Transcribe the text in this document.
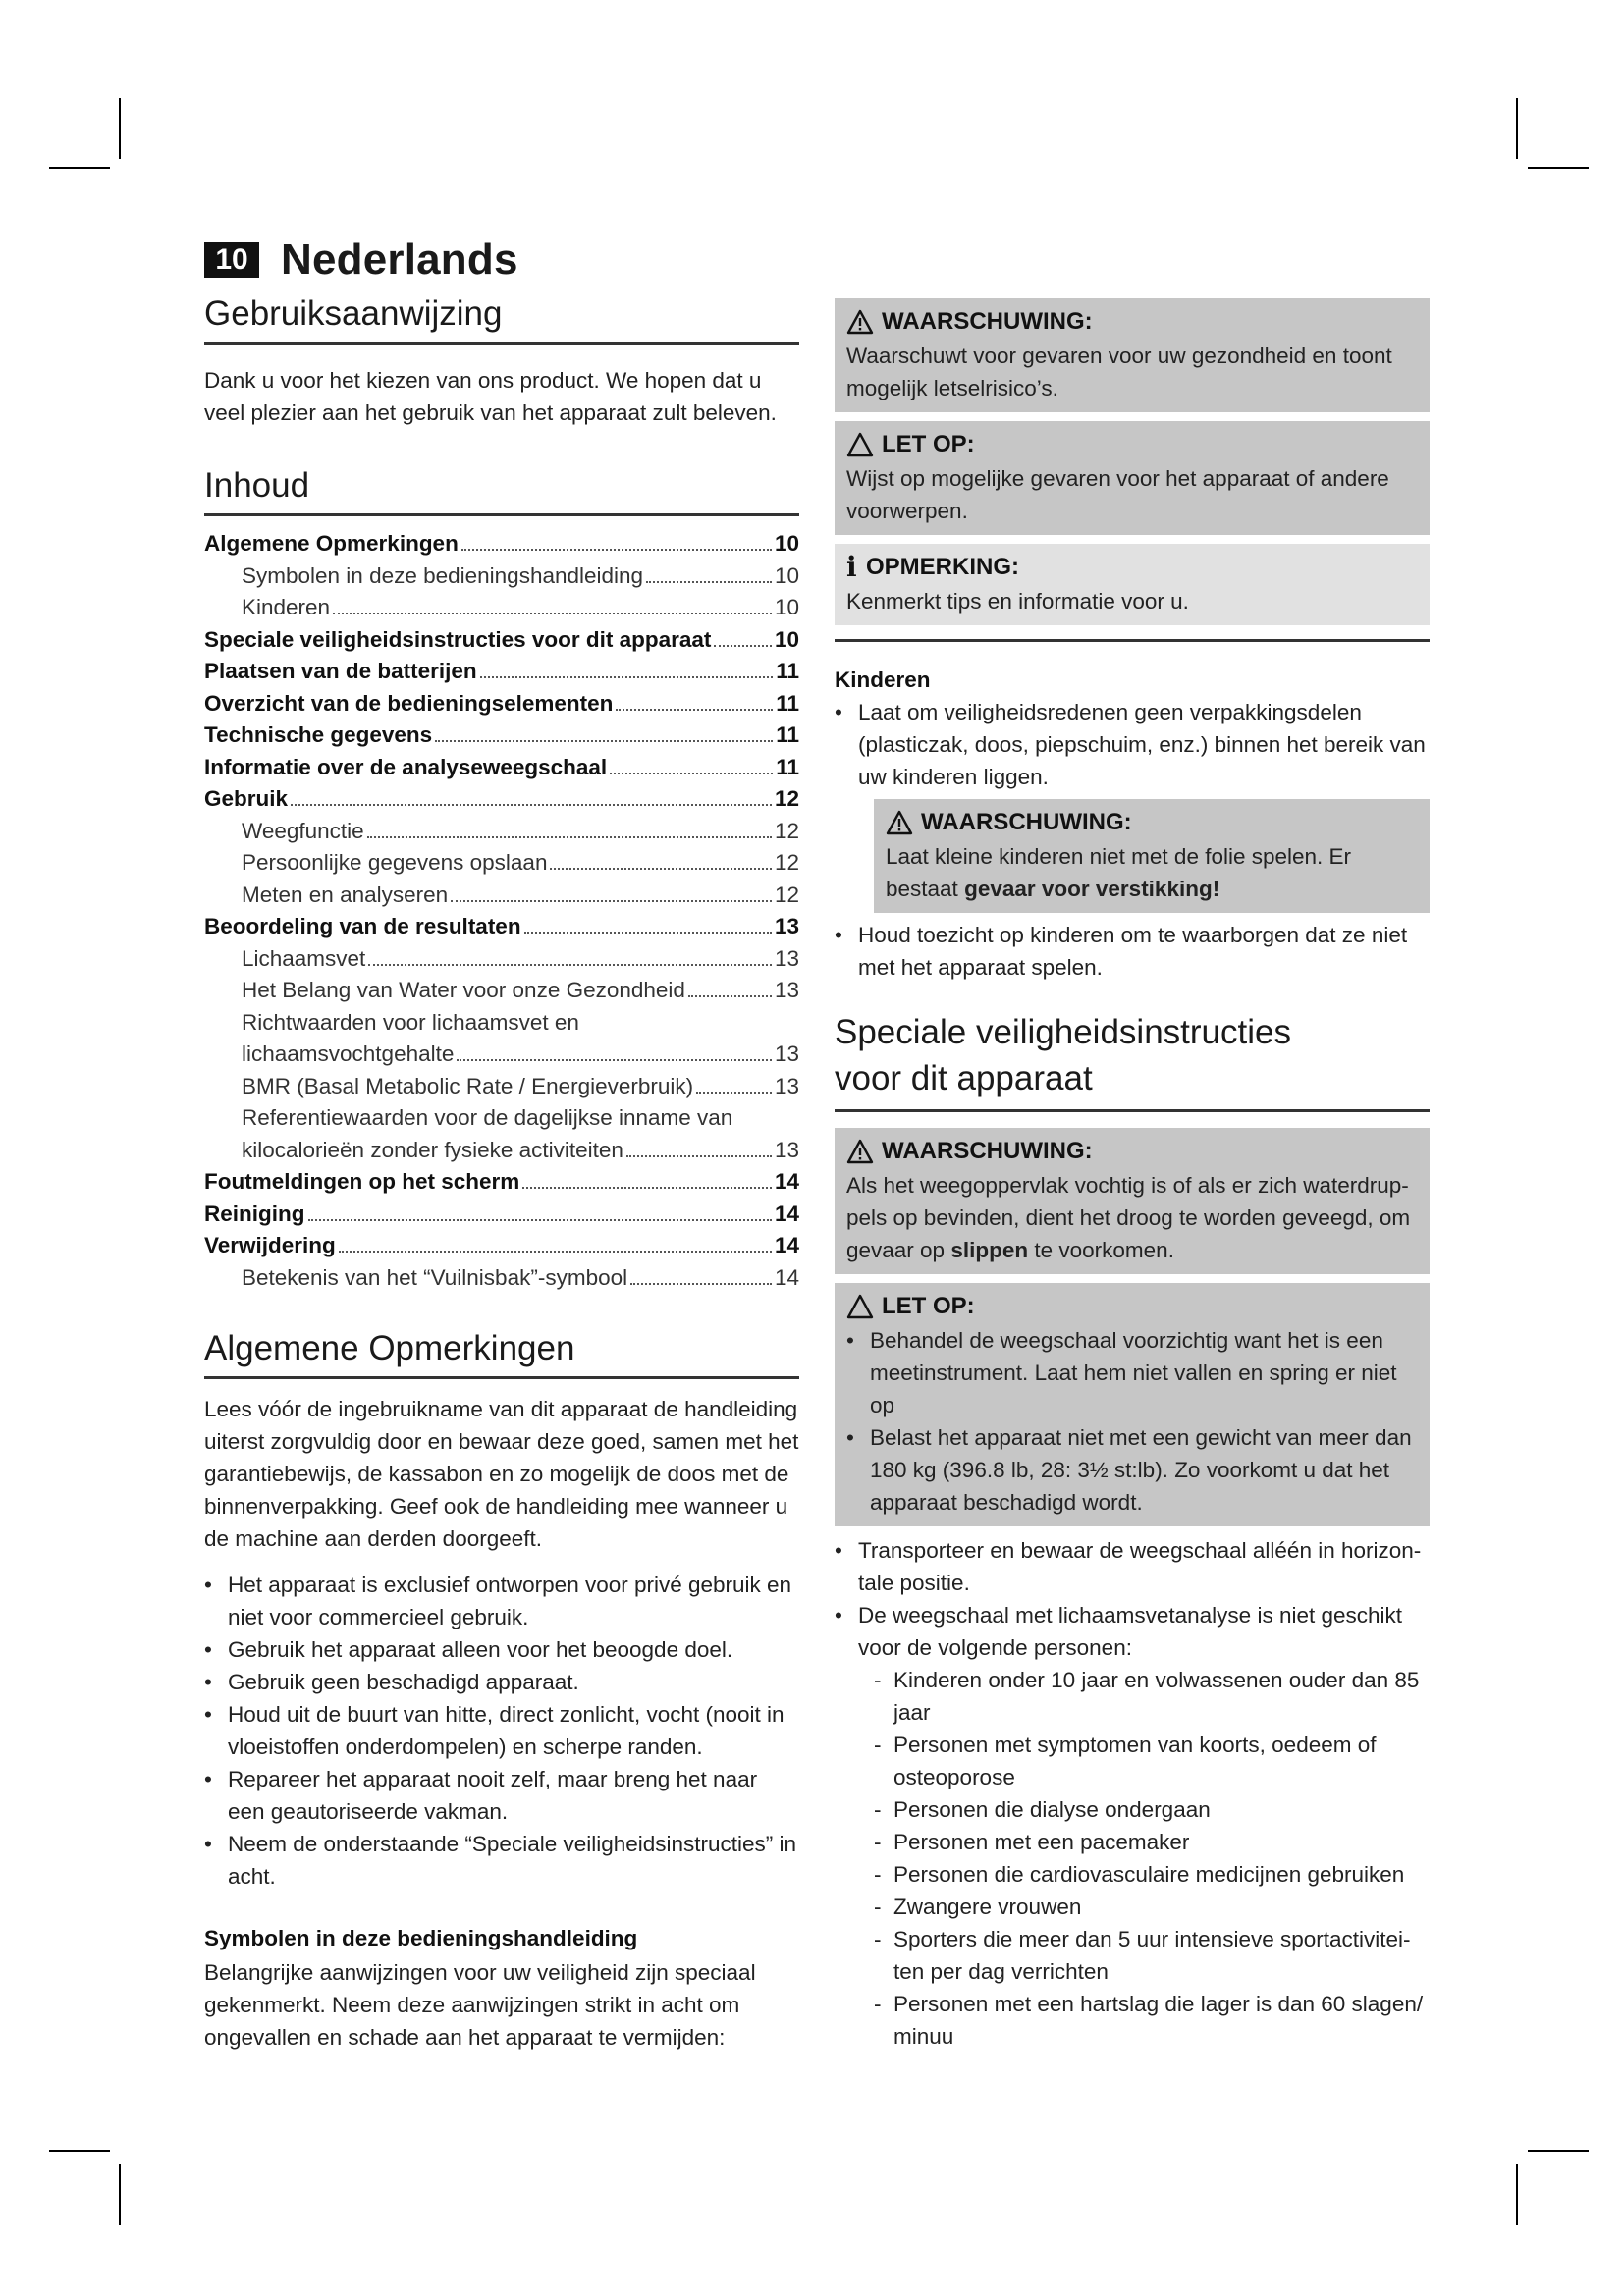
10 Nederlands
Gebruiksaanwijzing

Dank u voor het kiezen van ons product. We hopen dat u veel plezier aan het gebruik van het apparaat zult beleven.

Inhoud
Algemene Opmerkingen	10
Symbolen in deze bedieningshandleiding	10
Kinderen	10
Speciale veiligheidsinstructies voor dit apparaat	10
Plaatsen van de batterijen	11
Overzicht van de bedieningselementen	11
Technische gegevens	11
Informatie over de analyseweegschaal	11
Gebruik	12
Weegfunctie	12
Persoonlijke gegevens opslaan	12
Meten en analyseren	12
Beoordeling van de resultaten	13
Lichaamsvet	13
Het Belang van Water voor onze Gezondheid	13
Richtwaarden voor lichaamsvet en
lichaamsvochtgehalte	13
BMR (Basal Metabolic Rate / Energieverbruik)	13
Referentiewaarden voor de dagelijkse inname van
kilocalorieën zonder fysieke activiteiten	13
Foutmeldingen op het scherm	14
Reiniging	14
Verwijdering	14
Betekenis van het “Vuilnisbak”-symbool	14
Algemene Opmerkingen

Lees vóór de ingebruikname van dit apparaat de handleiding uiterst zorgvuldig door en bewaar deze goed, samen met het garantiebewijs, de kassabon en zo mogelijk de doos met de binnenverpakking. Geef ook de handleiding mee wanneer u de machine aan derden doorgeeft.

• Het apparaat is exclusief ontworpen voor privé gebruik en niet voor commercieel gebruik.
• Gebruik het apparaat alleen voor het beoogde doel.
• Gebruik geen beschadigd apparaat.
• Houd uit de buurt van hitte, direct zonlicht, vocht (nooit in vloeistoffen onderdompelen) en scherpe randen.
• Repareer het apparaat nooit zelf, maar breng het naar een geautoriseerde vakman.
• Neem de onderstaande “Speciale veiligheidsinstructies” in acht.

Symbolen in deze bedieningshandleiding

Belangrijke aanwijzingen voor uw veiligheid zijn speciaal gekenmerkt. Neem deze aanwijzingen strikt in acht om ongevallen en schade aan het apparaat te vermijden:

WAARSCHUWING:
Waarschuwt voor gevaren voor uw gezondheid en toont mogelijk letselrisico’s.
LET OP:
Wijst op mogelijke gevaren voor het apparaat of andere voorwerpen.
i OPMERKING:
Kenmerkt tips en informatie voor u.

Kinderen

• Laat om veiligheidsredenen geen verpakkingsdelen (plasticzak, doos, piepschuim, enz.) binnen het bereik van uw kinderen liggen.
WAARSCHUWING:
Laat kleine kinderen niet met de folie spelen. Er bestaat gevaar voor verstikking!
• Houd toezicht op kinderen om te waarborgen dat ze niet met het apparaat spelen.
Speciale veiligheidsinstructies
voor dit apparaat
WAARSCHUWING:
Als het weegoppervlak vochtig is of als er zich waterdrup-pels op bevinden, dient het droog te worden geveegd, om gevaar op slippen te voorkomen.
LET OP:
• Behandel de weegschaal voorzichtig want het is een meetinstrument. Laat hem niet vallen en spring er niet op
• Belast het apparaat niet met een gewicht van meer dan 180 kg (396.8 lb, 28: 3½ st:lb). Zo voorkomt u dat het apparaat beschadigd wordt.
• Transporteer en bewaar de weegschaal alléén in horizon-tale positie.
• De weegschaal met lichaamsvetanalyse is niet geschikt voor de volgende personen:
- Kinderen onder 10 jaar en volwassenen ouder dan 85 jaar
- Personen met symptomen van koorts, oedeem of osteoporose
- Personen die dialyse ondergaan
- Personen met een pacemaker
- Personen die cardiovasculaire medicijnen gebruiken
- Zwangere vrouwen
- Sporters die meer dan 5 uur intensieve sportactivitei-ten per dag verrichten
- Personen met een hartslag die lager is dan 60 slagen/ minuu
